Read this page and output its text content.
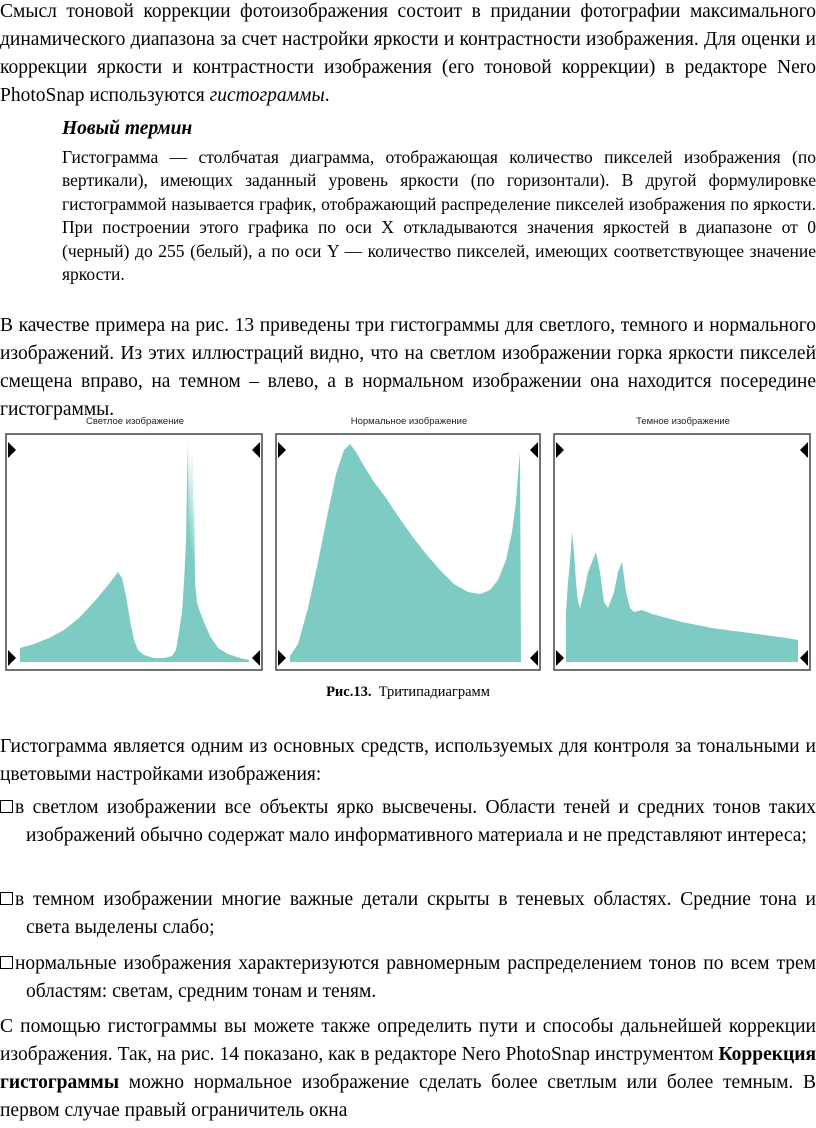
Смысл тоновой коррекции фотоизображения состоит в придании фотографии максимального динамического диапазона за счет настройки яркости и контрастности изображения. Для оценки и коррекции яркости и контрастности изображения (его тоновой коррекции) в редакторе Nero PhotoSnap используются гистограммы.
Новый термин
Гистограмма — столбчатая диаграмма, отображающая количество пикселей изображения (по вертикали), имеющих заданный уровень яркости (по горизонтали). В другой формулировке гистограммой называется график, отображающий распределение пикселей изображения по яркости. При построении этого графика по оси X откладываются значения яркостей в диапазоне от 0 (черный) до 255 (белый), а по оси Y — количество пикселей, имеющих соответствующее значение яркости.
В качестве примера на рис. 13 приведены три гистограммы для светлого, темного и нормального изображений. Из этих иллюстраций видно, что на светлом изображении горка яркости пикселей смещена вправо, на темном – влево, а в нормальном изображении она находится посередине гистограммы.
Светлое изображение	Нормальное изображение	Темное изображение
Рис.13. Тритипадиаграмм
Гистограмма является одним из основных средств, используемых для контроля за тональными и цветовыми настройками изображения:
в светлом изображении все объекты ярко высвечены. Области теней и средних тонов таких изображений обычно содержат мало информативного материала и не представляют интереса;
в темном изображении многие важные детали скрыты в теневых областях. Средние тона и света выделены слабо;
нормальные изображения характеризуются равномерным распределением тонов по всем трем областям: светам, средним тонам и теням.
С помощью гистограммы вы можете также определить пути и способы дальнейшей коррекции изображения. Так, на рис. 14 показано, как в редакторе Nero PhotoSnap инструментом Коррекция гистограммы можно нормальное изображение сделать более светлым или более темным. В первом случае правый ограничитель окна
